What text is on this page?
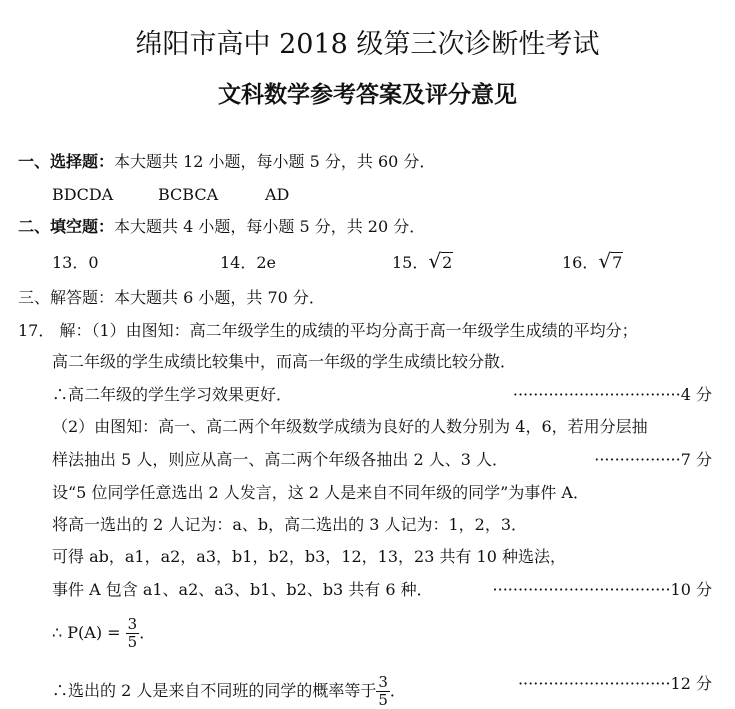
绵阳市高中 2018 级第三次诊断性考试
文科数学参考答案及评分意见
一、选择题：本大题共 12 小题，每小题 5 分，共 60 分．
BDCDA	BCBCA	AD
二、填空题：本大题共 4 小题，每小题 5 分，共 20 分．
13．0	14．2e	15．√2	16．√7
三、解答题：本大题共 6 小题，共 70 分．
17． 解：（1）由图知：高二年级学生的成绩的平均分高于高一年级学生成绩的平均分；
高二年级的学生成绩比较集中，而高一年级的学生成绩比较分散．
∴高二年级的学生学习效果更好．	·································4 分
（2）由图知：高一、高二两个年级数学成绩为良好的人数分别为 4，6，若用分层抽
样法抽出 5 人，则应从高一、高二两个年级各抽出 2 人、3 人．	·················7 分
设“5 位同学任意选出 2 人发言，这 2 人是来自不同年级的同学”为事件 A．
将高一选出的 2 人记为：a、b，高二选出的 3 人记为：1，2，3．
可得 ab，a1，a2，a3，b1，b2，b3，12，13，23 共有 10 种选法，
事件 A 包含 a1、a2、a3、b1、b2、b3 共有 6 种．	···································10 分
∴ $P(A) = \frac{3}{5}$ ．
∴选出的 2 人是来自不同班的同学的概率等于 $\frac{3}{5}$ ．	······························12 分
